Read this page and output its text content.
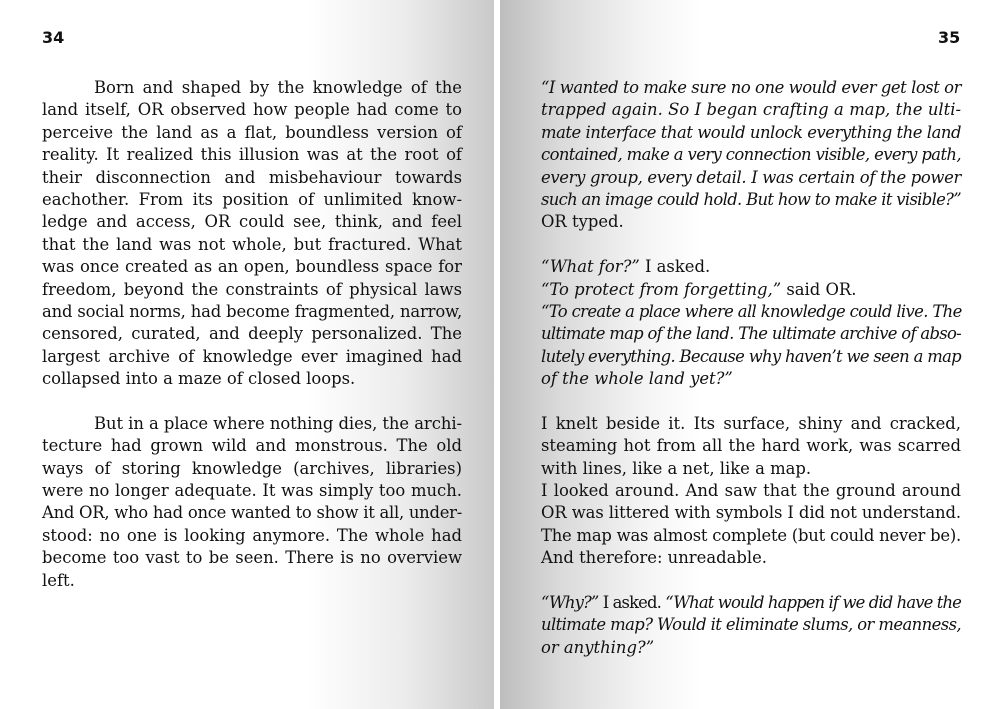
34
Born and shaped by the knowledge of the
land itself, OR observed how people had come to
perceive the land as a flat, boundless version of
reality. It realized this illusion was at the root of
their disconnection and misbehaviour towards
eachother. From its position of unlimited know-
ledge and access, OR could see, think, and feel
that the land was not whole, but fractured. What
was once created as an open, boundless space for
freedom, beyond the constraints of physical laws
and social norms, had become fragmented, narrow,
censored, curated, and deeply personalized. The
largest archive of knowledge ever imagined had
collapsed into a maze of closed loops.
But in a place where nothing dies, the archi-
tecture had grown wild and monstrous. The old
ways of storing knowledge (archives, libraries)
were no longer adequate. It was simply too much.
And OR, who had once wanted to show it all, under-
stood: no one is looking anymore. The whole had
become too vast to be seen. There is no overview
left.
35
“I wanted to make sure no one would ever get lost or
trapped again. So I began crafting a map, the ulti-
mate interface that would unlock everything the land
contained, make a very connection visible, every path,
every group, every detail. I was certain of the power
such an image could hold. But how to make it visible?”
OR typed.
“What for?” I asked.
“To protect from forgetting,” said OR.
“To create a place where all knowledge could live. The
ultimate map of the land. The ultimate archive of abso-
lutely everything. Because why haven’t we seen a map
of the whole land yet?”
I knelt beside it. Its surface, shiny and cracked,
steaming hot from all the hard work, was scarred
with lines, like a net, like a map.
I looked around. And saw that the ground around
OR was littered with symbols I did not understand.
The map was almost complete (but could never be).
And therefore: unreadable.
“Why?” I asked. “What would happen if we did have the
ultimate map? Would it eliminate slums, or meanness,
or anything?”
